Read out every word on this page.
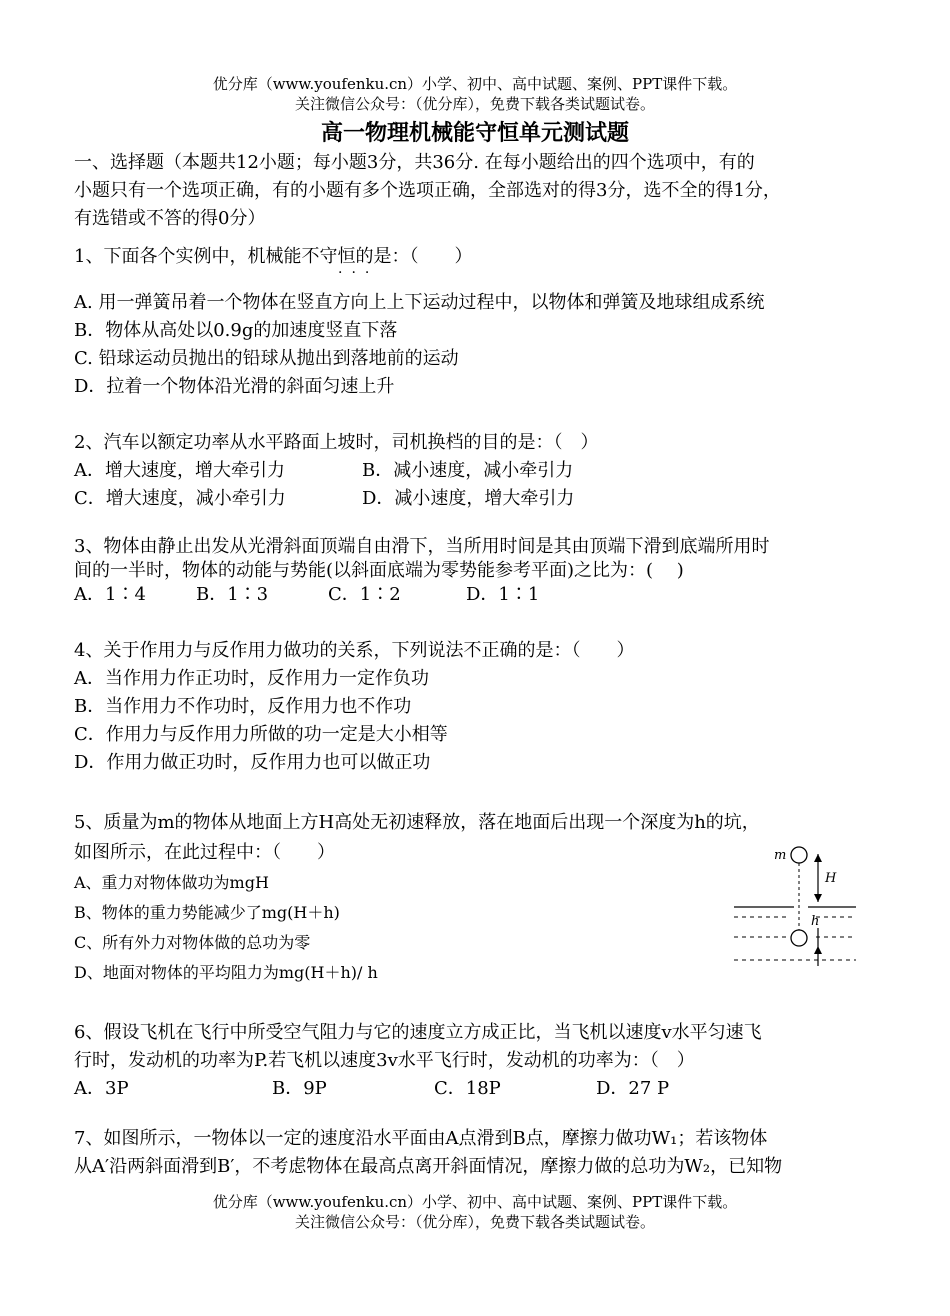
优分库（www.youfenku.cn）小学、初中、高中试题、案例、PPT课件下载。
关注微信公众号：（优分库），免费下载各类试题试卷。
高一物理机械能守恒单元测试题
一、选择题（本题共12小题；每小题3分，共36分. 在每小题给出的四个选项中，有的
小题只有一个选项正确，有的小题有多个选项正确，全部选对的得3分，选不全的得1分，
有选错或不答的得0分）
1、下面各个实例中，机械能不守恒的是：（　　）
···
A. 用一弹簧吊着一个物体在竖直方向上上下运动过程中，以物体和弹簧及地球组成系统
B．物体从高处以0.9g的加速度竖直下落
C. 铅球运动员抛出的铅球从抛出到落地前的运动
D．拉着一个物体沿光滑的斜面匀速上升
2、汽车以额定功率从水平路面上坡时，司机换档的目的是：（　）
A．增大速度，增大牵引力	B．减小速度，减小牵引力
C．增大速度，减小牵引力	D．减小速度，增大牵引力
3、物体由静止出发从光滑斜面顶端自由滑下，当所用时间是其由顶端下滑到底端所用时
间的一半时，物体的动能与势能(以斜面底端为零势能参考平面)之比为：(　 )
A．1∶4	B．1∶3	C．1∶2	D．1∶1
4、关于作用力与反作用力做功的关系，下列说法不正确的是：（　　）
A．当作用力作正功时，反作用力一定作负功
B．当作用力不作功时，反作用力也不作功
C．作用力与反作用力所做的功一定是大小相等
D．作用力做正功时，反作用力也可以做正功
5、质量为m的物体从地面上方H高处无初速释放，落在地面后出现一个深度为h的坑，
如图所示，在此过程中：（　　）
A、重力对物体做功为mgH
B、物体的重力势能减少了mg(H＋h)
C、所有外力对物体做的总功为零
D、地面对物体的平均阻力为mg(H＋h)/ h
m
H
h
6、假设飞机在飞行中所受空气阻力与它的速度立方成正比，当飞机以速度v水平匀速飞
行时，发动机的功率为P.若飞机以速度3v水平飞行时，发动机的功率为：（　）
A．3P	B．9P	C．18P	D．27 P
7、如图所示，一物体以一定的速度沿水平面由A点滑到B点，摩擦力做功W₁；若该物体
从A′沿两斜面滑到B′，不考虑物体在最高点离开斜面情况，摩擦力做的总功为W₂，已知物
优分库（www.youfenku.cn）小学、初中、高中试题、案例、PPT课件下载。
关注微信公众号：（优分库），免费下载各类试题试卷。
